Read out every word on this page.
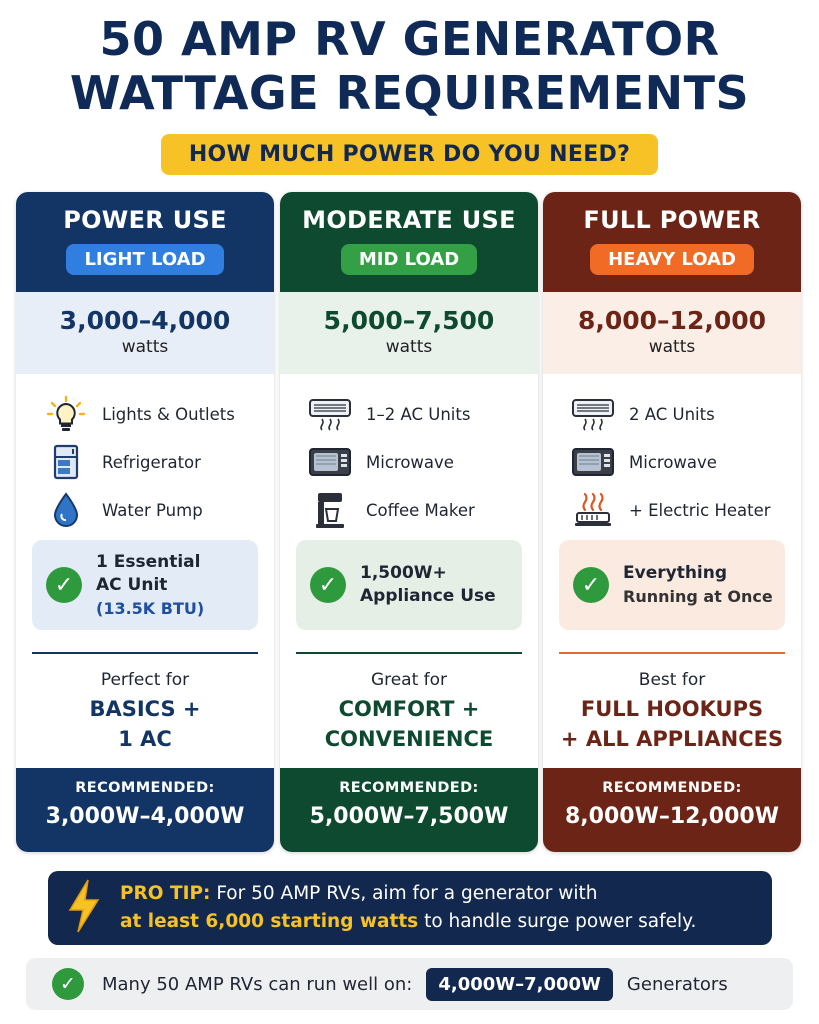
50 AMP RV GENERATOR
WATTAGE REQUIREMENTS
HOW MUCH POWER DO YOU NEED?
POWER USE
LIGHT LOAD
3,000–4,000
watts
Lights & Outlets
Refrigerator
Water Pump
✓
1 Essential
AC Unit
(13.5K BTU)
Perfect for
BASICS +
1 AC
RECOMMENDED:
3,000W–4,000W
MODERATE USE
MID LOAD
5,000–7,500
watts
1–2 AC Units
Microwave
Coffee Maker
✓	1,500W+
Appliance Use
Great for
COMFORT +
CONVENIENCE
RECOMMENDED:
5,000W–7,500W
FULL POWER
HEAVY LOAD
8,000–12,000
watts
2 AC Units
Microwave
+ Electric Heater
✓	Everything
Running at Once
Best for
FULL HOOKUPS
+ ALL APPLIANCES
RECOMMENDED:
8,000W–12,000W
PRO TIP: For 50 AMP RVs, aim for a generator with
at least 6,000 starting watts to handle surge power safely.
✓	Many 50 AMP RVs can run well on:	4,000W–7,000W	Generators
